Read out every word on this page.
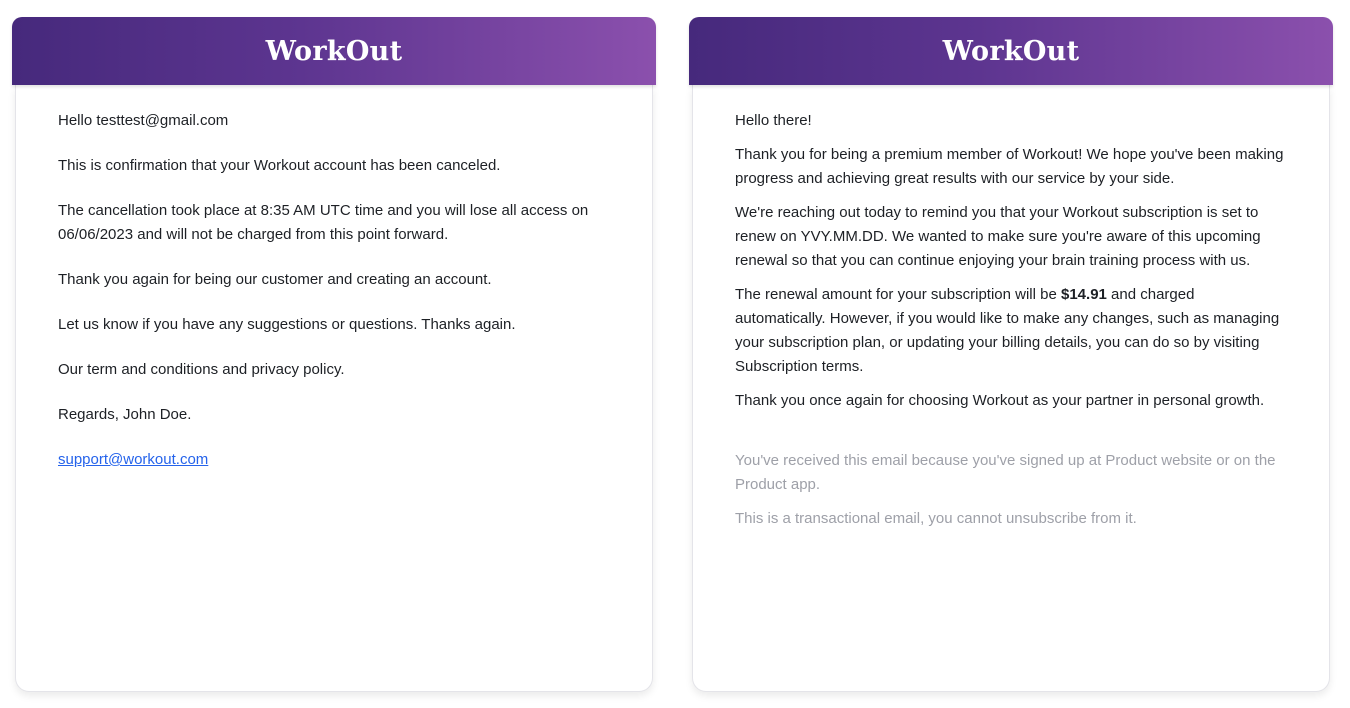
WorkOut

Hello testtest@gmail.com

This is confirmation that your Workout account has been canceled.

The cancellation took place at 8:35 AM UTC time and you will lose all access on 06/06/2023 and will not be charged from this point forward.

Thank you again for being our customer and creating an account.

Let us know if you have any suggestions or questions. Thanks again.

Our term and conditions and privacy policy.

Regards, John Doe.

support@workout.com

WorkOut

Hello there!

Thank you for being a premium member of Workout! We hope you've been making progress and achieving great results with our service by your side.

We're reaching out today to remind you that your Workout subscription is set to renew on YVY.MM.DD. We wanted to make sure you're aware of this upcoming renewal so that you can continue enjoying your brain training process with us.

The renewal amount for your subscription will be $14.91 and charged automatically. However, if you would like to make any changes, such as managing your subscription plan, or updating your billing details, you can do so by visiting Subscription terms.

Thank you once again for choosing Workout as your partner in personal growth.

You've received this email because you've signed up at Product website or on the Product app.

This is a transactional email, you cannot unsubscribe from it.
